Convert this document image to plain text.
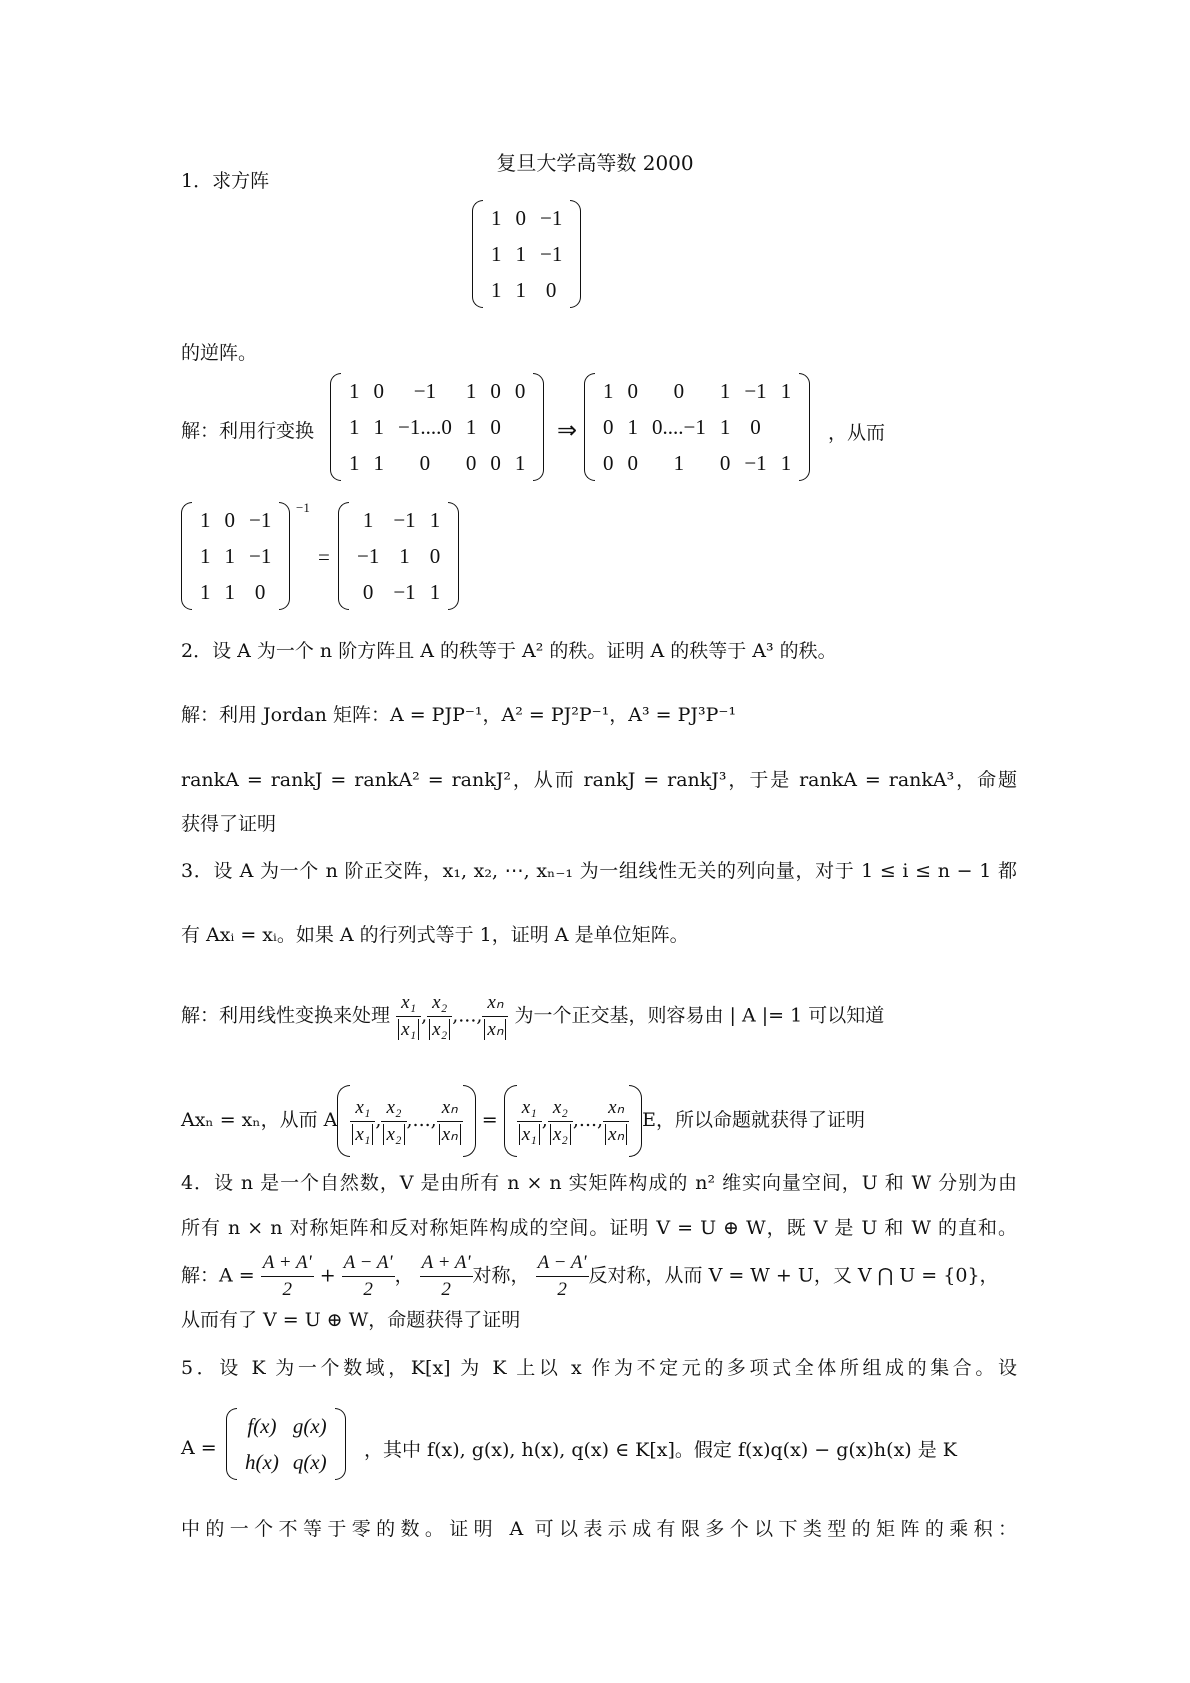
复旦大学高等数 2000
1．求方阵
1	0	−1
1	1	−1
1	1	0
的逆阵。
解：利用行变换
1	0	−1	1	0	0
1	1	−1....0	1	0	
1	1	0	0	0	1
⇒
1	0	0	1	−1	1
0	1	0....−1	1	0	
0	0	1	0	−1	1
，从而
1	0	−1
1	1	−1
1	1	0
−1
=
1	−1	1
−1	1	0
0	−1	1
2．设 A 为一个 n 阶方阵且 A 的秩等于 A² 的秩。证明 A 的秩等于 A³ 的秩。
解：利用 Jordan 矩阵：A = PJP⁻¹，A² = PJ²P⁻¹，A³ = PJ³P⁻¹
rankA = rankJ = rankA² = rankJ²，从而 rankJ = rankJ³，于是 rankA = rankA³，命题
获得了证明
3．设 A 为一个 n 阶正交阵，x₁, x₂, ⋯, xₙ₋₁ 为一组线性无关的列向量，对于 1 ≤ i ≤ n − 1 都
有 Axᵢ = xᵢ。如果 A 的行列式等于 1，证明 A 是单位矩阵。
解：利用线性变换来处理 $\frac{\text{x₁}}{\text{x₁}}$ , $\frac{\text{x₂}}{\text{x₂}}$ ,..., $\frac{\text{xₙ}}{\text{xₙ}}$ 为一个正交基，则容易由 | A |= 1 可以知道
Axₙ = xₙ，从而 A $\frac{\text{x₁}}{\text{x₁}}$ , $\frac{\text{x₂}}{\text{x₂}}$ ,..., $\frac{\text{xₙ}}{\text{xₙ}} = \frac{\text{x₁}}{\text{x₁}}$ , $\frac{\text{x₂}}{\text{x₂}}$ ,..., $\frac{\text{xₙ}}{\text{xₙ}}$ E，所以命题就获得了证明
4．设 n 是一个自然数，V 是由所有 n × n 实矩阵构成的 n² 维实向量空间，U 和 W 分别为由
所有 n × n 对称矩阵和反对称矩阵构成的空间。证明 V = U ⊕ W，既 V 是 U 和 W 的直和。
解：$A = \frac{A + A'}{2} + \frac{A - A'}{2}$ ， $\frac{A + A'}{2}$ 对称， $\frac{A - A'}{2}$ 反对称，从而 V = W + U，又 V ⋂ U = {0}，
从而有了 V = U ⊕ W，命题获得了证明
5．设 K 为一个数域，K[x] 为 K 上以 x 作为不定元的多项式全体所组成的集合。设
A =
f(x)	g(x)
h(x)	q(x) ，其中 f(x), g(x), h(x), q(x) ∈ K[x]。假定 f(x)q(x) − g(x)h(x) 是 K
中的一个不等于零的数。证明 A 可以表示成有限多个以下类型的矩阵的乘积：
